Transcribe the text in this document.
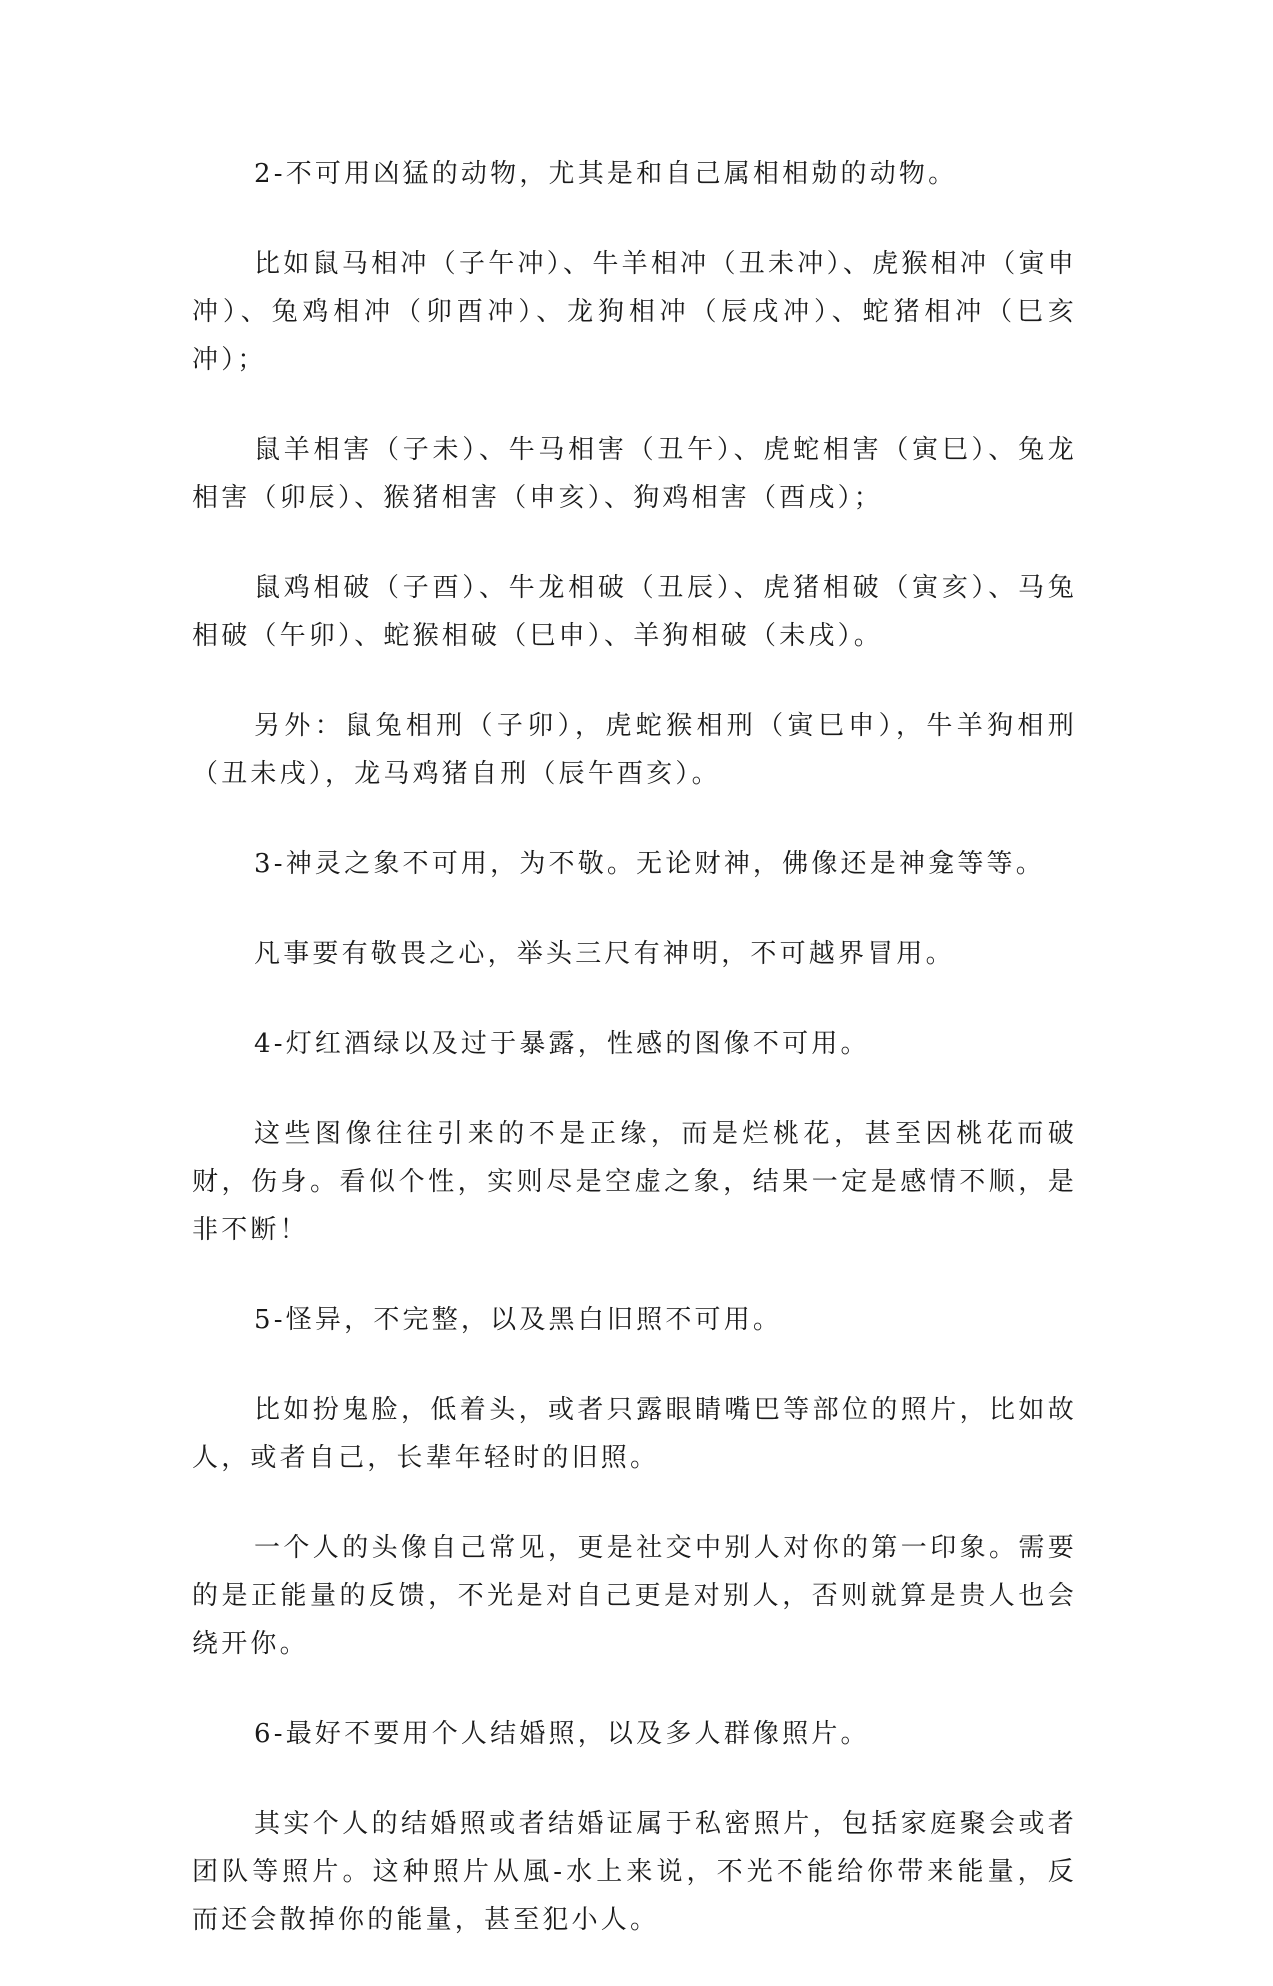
2-不可用凶猛的动物，尤其是和自己属相相勀的动物。

比如鼠马相冲（子午冲）、牛羊相冲（丑未冲）、虎猴相冲（寅申冲）、兔鸡相冲（卯酉冲）、龙狗相冲（辰戌冲）、蛇猪相冲（巳亥冲）；

鼠羊相害（子未）、牛马相害（丑午）、虎蛇相害（寅巳）、兔龙相害（卯辰）、猴猪相害（申亥）、狗鸡相害（酉戌）；

鼠鸡相破（子酉）、牛龙相破（丑辰）、虎猪相破（寅亥）、马兔相破（午卯）、蛇猴相破（巳申）、羊狗相破（未戌）。

另外：鼠兔相刑（子卯），虎蛇猴相刑（寅巳申），牛羊狗相刑（丑未戌），龙马鸡猪自刑（辰午酉亥）。

3-神灵之象不可用，为不敬。无论财神，佛像还是神龛等等。

凡事要有敬畏之心，举头三尺有神明，不可越界冒用。

4-灯红酒绿以及过于暴露，性感的图像不可用。

这些图像往往引来的不是正缘，而是烂桃花，甚至因桃花而破财，伤身。看似个性，实则尽是空虚之象，结果一定是感情不顺，是非不断！

5-怪异，不完整，以及黑白旧照不可用。

比如扮鬼脸，低着头，或者只露眼睛嘴巴等部位的照片，比如故人，或者自己，长辈年轻时的旧照。

一个人的头像自己常见，更是社交中别人对你的第一印象。需要的是正能量的反馈，不光是对自己更是对别人，否则就算是贵人也会绕开你。

6-最好不要用个人结婚照，以及多人群像照片。

其实个人的结婚照或者结婚证属于私密照片，包括家庭聚会或者团队等照片。这种照片从風-水上来说，不光不能给你带来能量，反而还会散掉你的能量，甚至犯小人。
